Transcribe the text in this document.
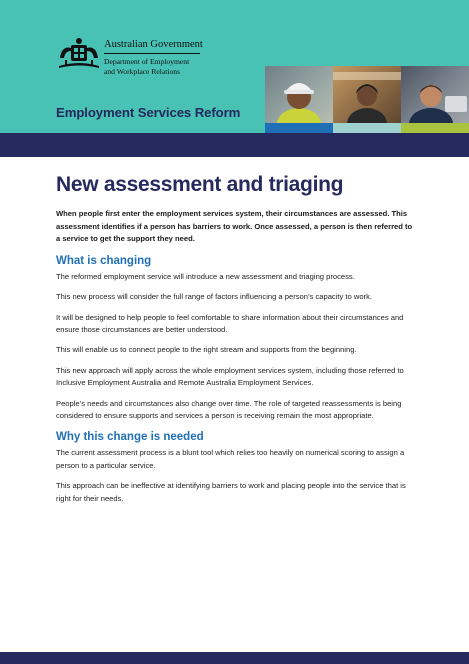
Australian Government
Department of Employment
and Workplace Relations
Employment Services Reform
New assessment and triaging
When people first enter the employment services system, their circumstances are assessed. This assessment identifies if a person has barriers to work. Once assessed, a person is then referred to a service to get the support they need.
What is changing
The reformed employment service will introduce a new assessment and triaging process.
This new process will consider the full range of factors influencing a person’s capacity to work.
It will be designed to help people to feel comfortable to share information about their circumstances and ensure those circumstances are better understood.
This will enable us to connect people to the right stream and supports from the beginning.
This new approach will apply across the whole employment services system, including those referred to Inclusive Employment Australia and Remote Australia Employment Services.
People’s needs and circumstances also change over time. The role of targeted reassessments is being considered to ensure supports and services a person is receiving remain the most appropriate.
Why this change is needed
The current assessment process is a blunt tool which relies too heavily on numerical scoring to assign a person to a particular service.
This approach can be ineffective at identifying barriers to work and placing people into the service that is right for their needs.
